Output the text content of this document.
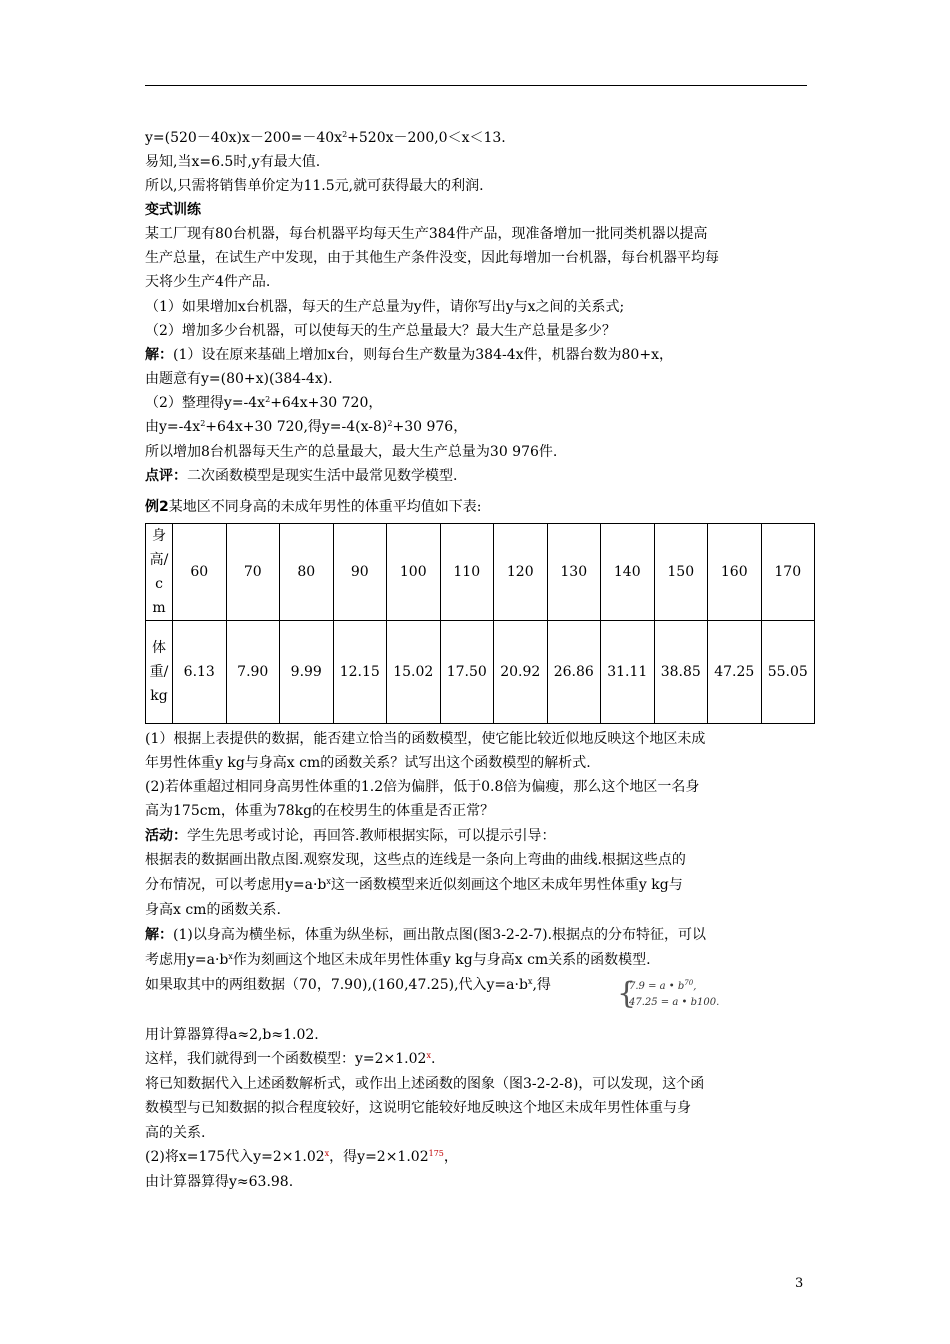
$y=(520-40x)x-200=-40x^2+520x-200,0<x<13$.
易知,当x=6.5时,y有最大值.
所以,只需将销售单价定为11.5元,就可获得最大的利润.
变式训练
某工厂现有80台机器，每台机器平均每天生产384件产品，现准备增加一批同类机器以提高
生产总量，在试生产中发现，由于其他生产条件没变，因此每增加一台机器，每台机器平均每
天将少生产4件产品.
（1）如果增加x台机器，每天的生产总量为y件，请你写出y与x之间的关系式;
（2）增加多少台机器，可以使每天的生产总量最大？最大生产总量是多少？
解：(1）设在原来基础上增加x台，则每台生产数量为384-4x件，机器台数为80+x，
由题意有y=(80+x)(384-4x).
（2）整理得$y=-4x^2+64x+30$ 720，
由$y=-4x^2+64x+30$ 720,得$y=-4(x-8)^2+30$ 976，
所以增加8台机器每天生产的总量最大，最大生产总量为30 976件.
点评：二次函数模型是现实生活中最常见数学模型.
例2某地区不同身高的未成年男性的体重平均值如下表:
身高/cm	60	70	80	90	100	110	120	130	140	150	160	170
体重/kg	6.13	7.90	9.99	12.15	15.02	17.50	20.92	26.86	31.11	38.85	47.25	55.05
(1）根据上表提供的数据，能否建立恰当的函数模型，使它能比较近似地反映这个地区未成
年男性体重y kg与身高x cm的函数关系？试写出这个函数模型的解析式.
(2)若体重超过相同身高男性体重的1.2倍为偏胖，低于0.8倍为偏瘦，那么这个地区一名身
高为175cm，体重为78kg的在校男生的体重是否正常？
活动：学生先思考或讨论，再回答.教师根据实际，可以提示引导：
根据表的数据画出散点图.观察发现，这些点的连线是一条向上弯曲的曲线.根据这些点的
分布情况，可以考虑用$y=a\cdot b^x$这一函数模型来近似刻画这个地区未成年男性体重y kg与
身高x cm的函数关系.
解：(1)以身高为横坐标，体重为纵坐标，画出散点图(图3-2-2-7).根据点的分布特征，可以
考虑用$y=a\cdot b^x$作为刻画这个地区未成年男性体重y kg与身高x cm关系的函数模型.
如果取其中的两组数据（70，7.90),(160,47.25),代入$y=a\cdot b^x$,得	{
7.9 = a • $b^{70}$,
47.25 = a • b100.
用计算器算得a≈2,b≈1.02.
这样，我们就得到一个函数模型：$y=2\times 1.02^x$.
将已知数据代入上述函数解析式，或作出上述函数的图象（图3-2-2-8)，可以发现，这个函
数模型与已知数据的拟合程度较好，这说明它能较好地反映这个地区未成年男性体重与身
高的关系.
(2)将x=175代入$y=2\times 1.02^x$，得$y=2\times 1.02^{175}$，
由计算器算得y≈63.98.
3
